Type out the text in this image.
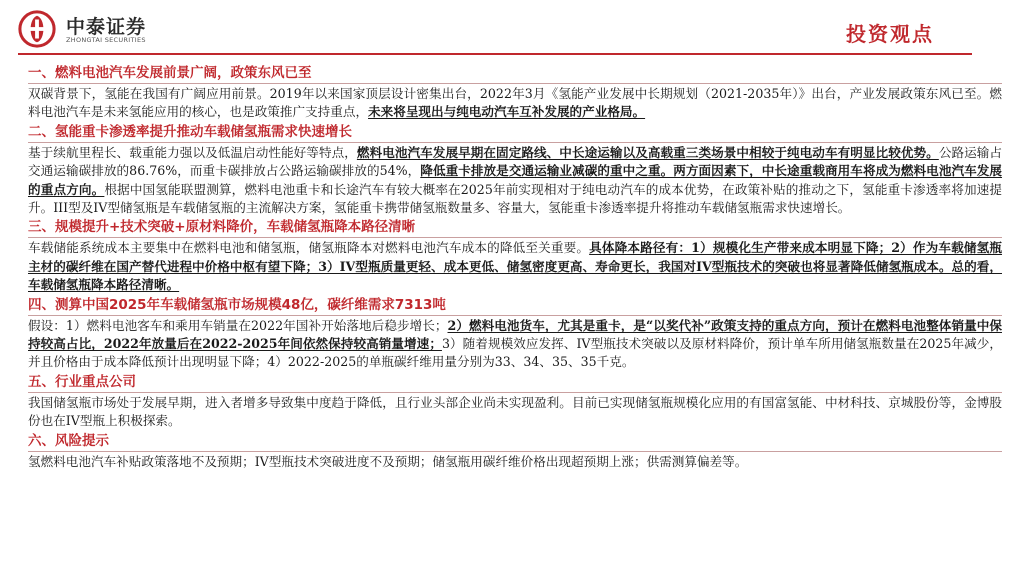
中泰证券
ZHONGTAI SECURITIES	投资观点
一、燃料电池汽车发展前景广阔，政策东风已至

双碳背景下，氢能在我国有广阔应用前景。2019年以来国家顶层设计密集出台，2022年3月《氢能产业发展中长期规划（2021-2035年）》出台，产业发展政策东风已至。燃料电池汽车是未来氢能应用的核心，也是政策推广支持重点，未来将呈现出与纯电动汽车互补发展的产业格局。

二、氢能重卡渗透率提升推动车载储氢瓶需求快速增长

基于续航里程长、载重能力强以及低温启动性能好等特点，燃料电池汽车发展早期在固定路线、中长途运输以及高载重三类场景中相较于纯电动车有明显比较优势。公路运输占交通运输碳排放的86.76%，而重卡碳排放占公路运输碳排放的54%，降低重卡排放是交通运输业减碳的重中之重。两方面因素下，中长途重载商用车将成为燃料电池汽车发展的重点方向。根据中国氢能联盟测算，燃料电池重卡和长途汽车有较大概率在2025年前实现相对于纯电动汽车的成本优势，在政策补贴的推动之下，氢能重卡渗透率将加速提升。III型及IV型储氢瓶是车载储氢瓶的主流解决方案，氢能重卡携带储氢瓶数量多、容量大，氢能重卡渗透率提升将推动车载储氢瓶需求快速增长。

三、规模提升+技术突破+原材料降价，车载储氢瓶降本路径清晰

车载储能系统成本主要集中在燃料电池和储氢瓶，储氢瓶降本对燃料电池汽车成本的降低至关重要。具体降本路径有：1）规模化生产带来成本明显下降；2）作为车载储氢瓶主材的碳纤维在国产替代进程中价格中枢有望下降；3）IV型瓶质量更轻、成本更低、储氢密度更高、寿命更长，我国对IV型瓶技术的突破也将显著降低储氢瓶成本。总的看，车载储氢瓶降本路径清晰。

四、测算中国2025年车载储氢瓶市场规模48亿，碳纤维需求7313吨

假设：1）燃料电池客车和乘用车销量在2022年国补开始落地后稳步增长；2）燃料电池货车，尤其是重卡，是“以奖代补”政策支持的重点方向，预计在燃料电池整体销量中保持较高占比，2022年放量后在2022-2025年间依然保持较高销量增速；3）随着规模效应发挥、IV型瓶技术突破以及原材料降价，预计单车所用储氢瓶数量在2025年减少，并且价格由于成本降低预计出现明显下降；4）2022-2025的单瓶碳纤维用量分别为33、34、35、35千克。

五、行业重点公司

我国储氢瓶市场处于发展早期，进入者增多导致集中度趋于降低，且行业头部企业尚未实现盈利。目前已实现储氢瓶规模化应用的有国富氢能、中材科技、京城股份等，金博股份也在IV型瓶上积极探索。

六、风险提示

氢燃料电池汽车补贴政策落地不及预期；IV型瓶技术突破进度不及预期；储氢瓶用碳纤维价格出现超预期上涨；供需测算偏差等。
